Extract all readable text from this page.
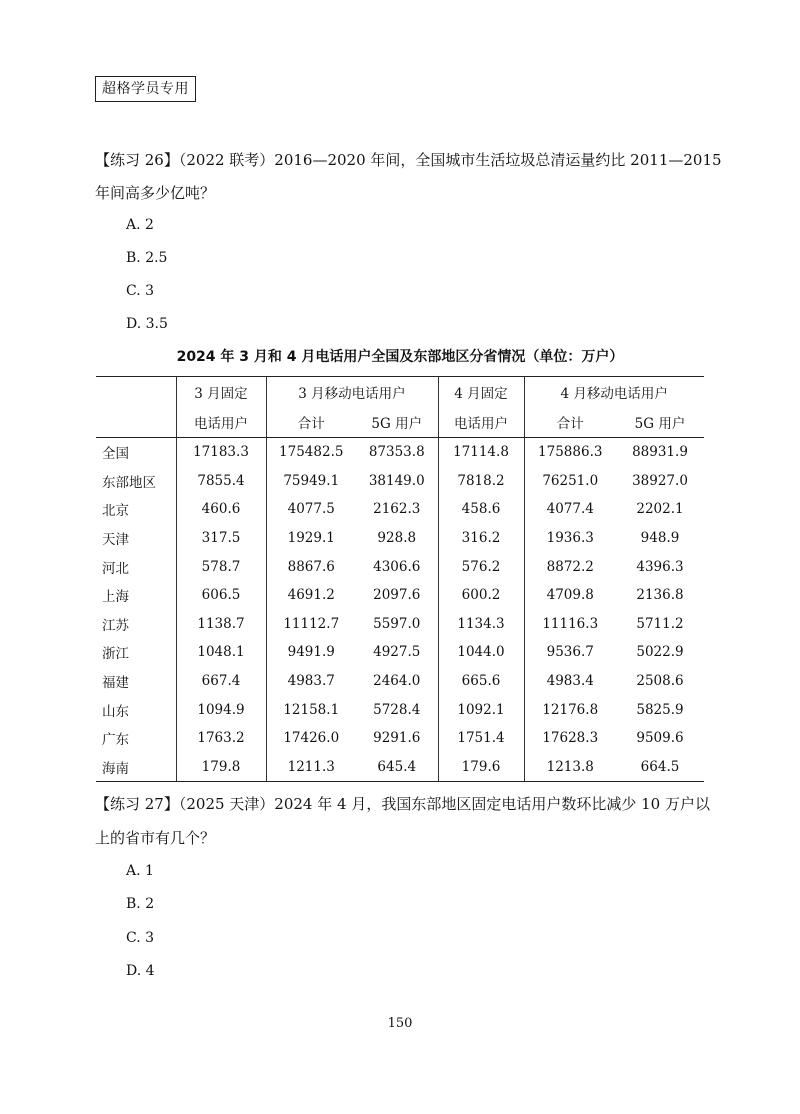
超格学员专用
【练习 26】（2022 联考）2016—2020 年间，全国城市生活垃圾总清运量约比 2011—2015
年间高多少亿吨？
A. 2
B. 2.5
C. 3
D. 3.5
2024 年 3 月和 4 月电话用户全国及东部地区分省情况（单位：万户）
	3 月固定	3 月移动电话用户		4 月固定	4 月移动电话用户	
	电话用户	合计	5G 用户	电话用户	合计	5G 用户
全国	17183.3	175482.5	87353.8	17114.8	175886.3	88931.9
东部地区	7855.4	75949.1	38149.0	7818.2	76251.0	38927.0
北京	460.6	4077.5	2162.3	458.6	4077.4	2202.1
天津	317.5	1929.1	928.8	316.2	1936.3	948.9
河北	578.7	8867.6	4306.6	576.2	8872.2	4396.3
上海	606.5	4691.2	2097.6	600.2	4709.8	2136.8
江苏	1138.7	11112.7	5597.0	1134.3	11116.3	5711.2
浙江	1048.1	9491.9	4927.5	1044.0	9536.7	5022.9
福建	667.4	4983.7	2464.0	665.6	4983.4	2508.6
山东	1094.9	12158.1	5728.4	1092.1	12176.8	5825.9
广东	1763.2	17426.0	9291.6	1751.4	17628.3	9509.6
海南	179.8	1211.3	645.4	179.6	1213.8	664.5
【练习 27】（2025 天津）2024 年 4 月，我国东部地区固定电话用户数环比减少 10 万户以
上的省市有几个？
A. 1
B. 2
C. 3
D. 4
150
